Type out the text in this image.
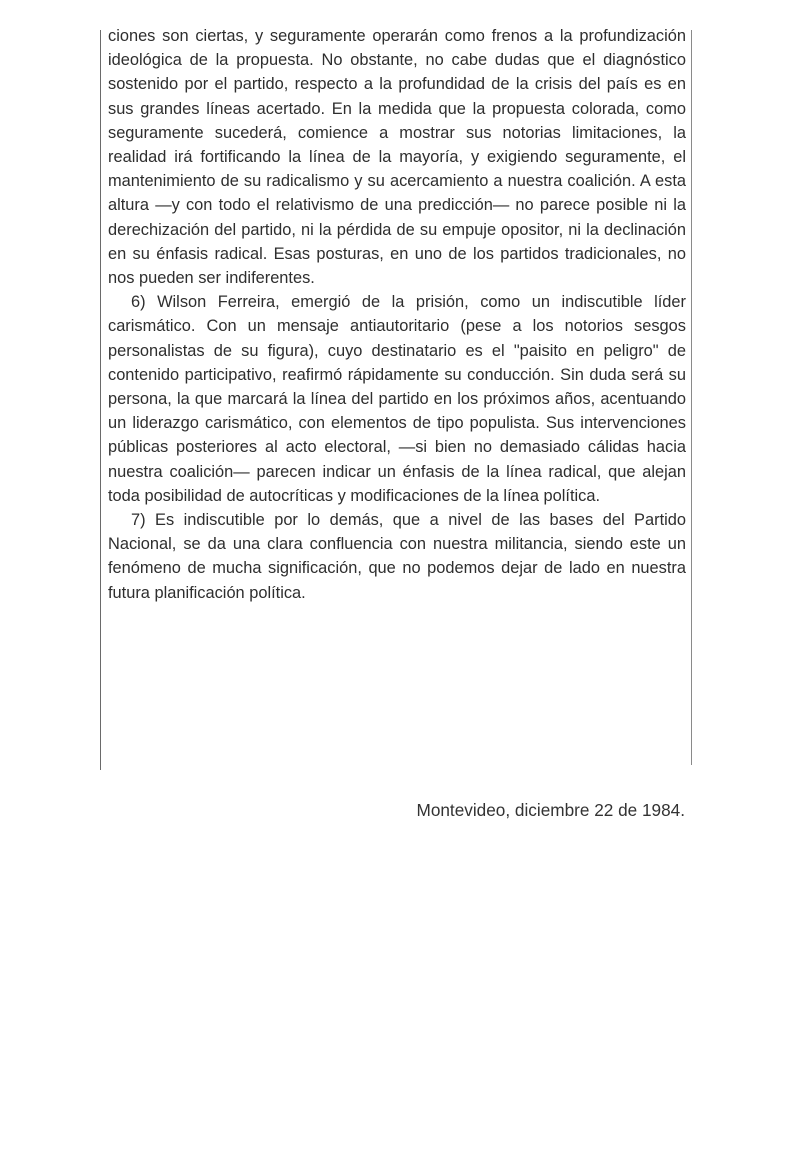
ciones son ciertas, y seguramente operarán como frenos a la profundización ideológica de la propuesta. No obstante, no cabe dudas que el diagnóstico sostenido por el partido, respecto a la profundidad de la crisis del país es en sus grandes líneas acertado. En la medida que la propuesta colorada, como seguramente sucederá, comience a mostrar sus notorias limitaciones, la realidad irá fortificando la línea de la mayoría, y exigiendo seguramente, el mantenimiento de su radicalismo y su acercamiento a nuestra coalición. A esta altura —y con todo el relativismo de una predicción— no parece posible ni la derechización del partido, ni la pérdida de su empuje opositor, ni la declinación en su énfasis radical. Esas posturas, en uno de los partidos tradicionales, no nos pueden ser indiferentes.

6) Wilson Ferreira, emergió de la prisión, como un indiscutible líder carismático. Con un mensaje antiautoritario (pese a los notorios sesgos personalistas de su figura), cuyo destinatario es el "paisito en peligro" de contenido participativo, reafirmó rápidamente su conducción. Sin duda será su persona, la que marcará la línea del partido en los próximos años, acentuando un liderazgo carismático, con elementos de tipo populista. Sus intervenciones públicas posteriores al acto electoral, —si bien no demasiado cálidas hacia nuestra coalición— parecen indicar un énfasis de la línea radical, que alejan toda posibilidad de autocríticas y modificaciones de la línea política.

7) Es indiscutible por lo demás, que a nivel de las bases del Partido Nacional, se da una clara confluencia con nuestra militancia, siendo este un fenómeno de mucha significación, que no podemos dejar de lado en nuestra futura planificación política.

Montevideo, diciembre 22 de 1984.
